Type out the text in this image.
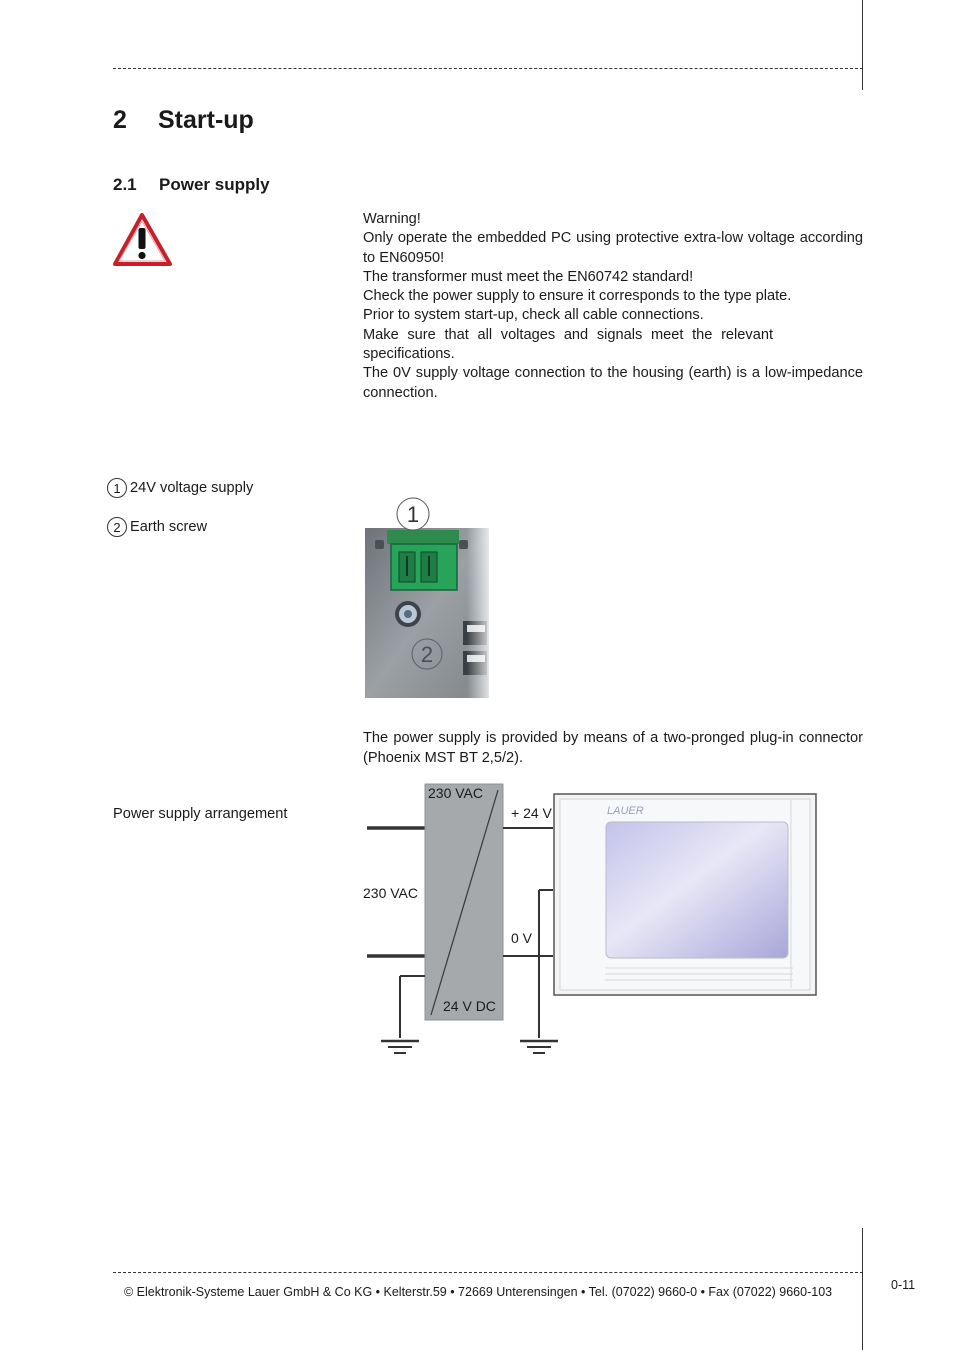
2 Start-up
2.1 Power supply

Warning!

Only operate the embedded PC using protective extra-low voltage according to EN60950!

The transformer must meet the EN60742 standard!

Check the power supply to ensure it corresponds to the type plate.

Prior to system start-up, check all cable connections.

Make sure that all voltages and signals meet the relevant specifications.

The 0V supply voltage connection to the housing (earth) is a low-impedance connection.

1 24V voltage supply
2 Earth screw	1
2
The power supply is provided by means of a two-pronged plug-in connector (Phoenix MST BT 2,5/2).
Power supply arrangement	LAUER
230 VAC
230 VAC
+ 24 V
0 V
24 V DC
© Elektronik-Systeme Lauer GmbH & Co KG • Kelterstr.59 • 72669 Unterensingen • Tel. (07022) 9660-0 • Fax (07022) 9660-103	0-11
